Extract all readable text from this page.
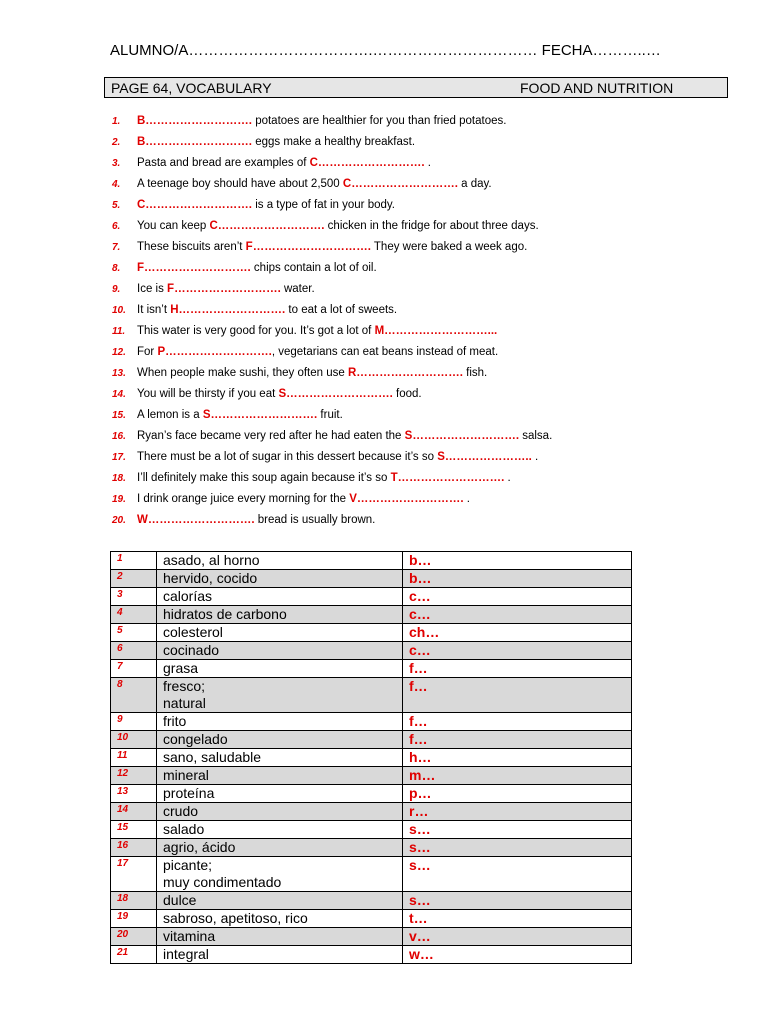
ALUMNO/A……………………………….…………………………… FECHA………..…
PAGE 64, VOCABULARY	FOOD AND NUTRITION
1.	B………………………. potatoes are healthier for you than fried potatoes.
2.	B………………………. eggs make a healthy breakfast.
3.	Pasta and bread are examples of C………………………. .
4.	A teenage boy should have about 2,500 C………………………. a day.
5.	C………………………. is a type of fat in your body.
6.	You can keep C………………………. chicken in the fridge for about three days.
7.	These biscuits aren’t F…………………………. They were baked a week ago.
8.	F………………………. chips contain a lot of oil.
9.	Ice is F………………………. water.
10. It isn’t H………………………. to eat a lot of sweets.
11.	This water is very good for you. It’s got a lot of M………………………...
12. For P………………………., vegetarians can eat beans instead of meat.
13. When people make sushi, they often use R………………………. fish.
14. You will be thirsty if you eat S………………………. food.
15. A lemon is a S………………………. fruit.
16. Ryan’s face became very red after he had eaten the S………………………. salsa.
17. There must be a lot of sugar in this dessert because it’s so S………………….. .
18. I’ll definitely make this soup again because it’s so T………………………. .
19. I drink orange juice every morning for the V………………………. .
20. W………………………. bread is usually brown.
1	asado, al horno	b…
2	hervido, cocido	b…
3	calorías	c…
4	hidratos de carbono	c…
5	colesterol	ch…
6	cocinado	c…
7	grasa	f…
8	fresco;
natural	f…
9	frito	f…
10	congelado	f…
11	sano, saludable	h…
12	mineral	m…
13	proteína	p…
14	crudo	r…
15	salado	s…
16	agrio, ácido	s…
17	picante;
muy condimentado	s…
18	dulce	s…
19	sabroso, apetitoso, rico	t…
20	vitamina	v…
21	integral	w…
